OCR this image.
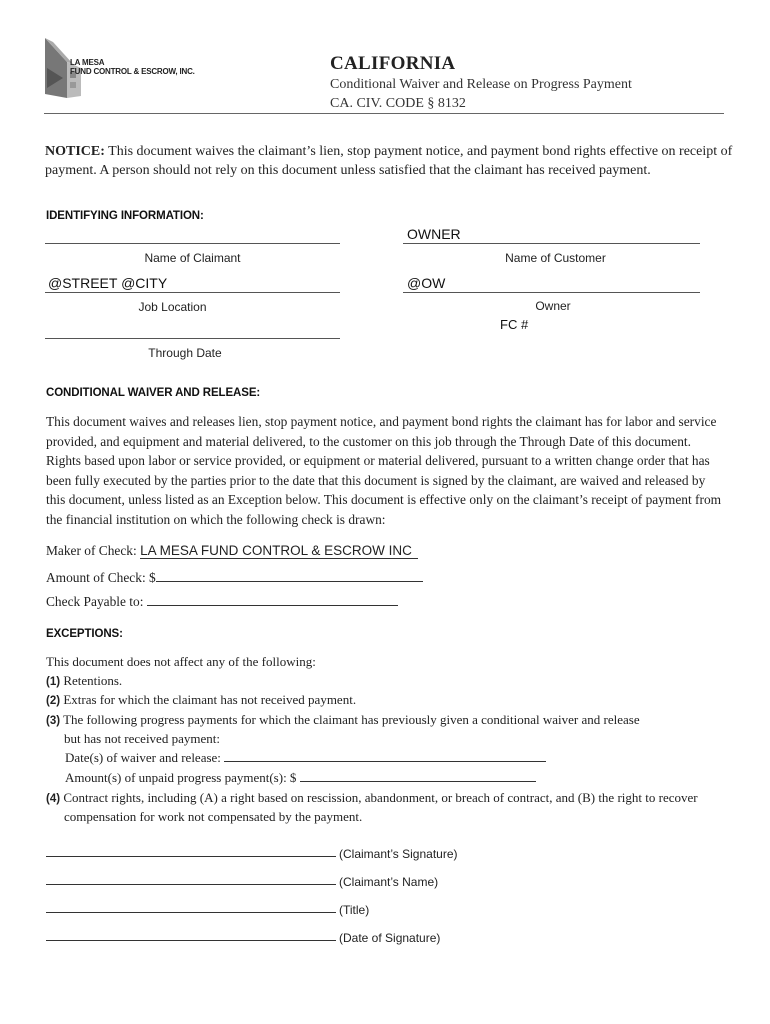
LA MESA
FUND CONTROL & ESCROW, INC.	CALIFORNIA
Conditional Waiver and Release on Progress Payment
CA. CIV. CODE § 8132
NOTICE: This document waives the claimant’s lien, stop payment notice, and payment bond rights effective on receipt of payment. A person should not rely on this document unless satisfied that the claimant has received payment.
IDENTIFYING INFORMATION:
Name of Claimant
OWNER
Name of Customer
@STREET @CITY
Job Location
@OW
Owner
FC #
Through Date
CONDITIONAL WAIVER AND RELEASE:
This document waives and releases lien, stop payment notice, and payment bond rights the claimant has for labor and service provided, and equipment and material delivered, to the customer on this job through the Through Date of this document. Rights based upon labor or service provided, or equipment or material delivered, pursuant to a written change order that has been fully executed by the parties prior to the date that this document is signed by the claimant, are waived and released by this document, unless listed as an Exception below. This document is effective only on the claimant’s receipt of payment from the financial institution on which the following check is drawn:
Maker of Check: LA MESA FUND CONTROL & ESCROW INC
Amount of Check: $
Check Payable to:
EXCEPTIONS:
This document does not affect any of the following:
(1) Retentions.
(2) Extras for which the claimant has not received payment.
(3) The following progress payments for which the claimant has previously given a conditional waiver and release
but has not received payment:
Date(s) of waiver and release:
Amount(s) of unpaid progress payment(s): $
(4) Contract rights, including (A) a right based on rescission, abandonment, or breach of contract, and (B) the right to recover
compensation for work not compensated by the payment.
(Claimant’s Signature)
(Claimant’s Name)
(Title)
(Date of Signature)
